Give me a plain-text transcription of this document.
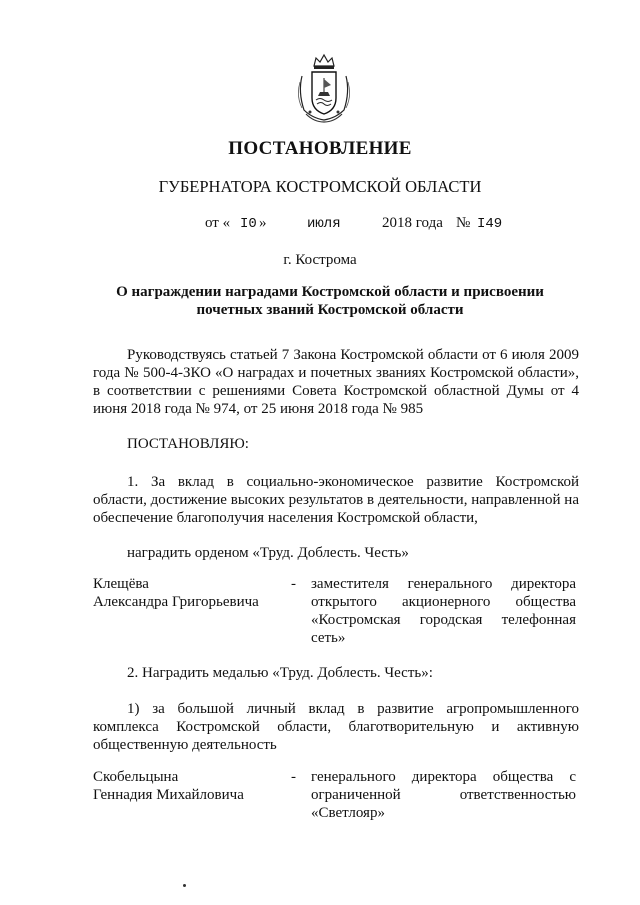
ПОСТАНОВЛЕНИЕ
ГУБЕРНАТОРА КОСТРОМСКОЙ ОБЛАСТИ
от « I0 »	июля	2018 года № I49
г. Кострома
О награждении наградами Костромской области и присвоении почетных званий Костромской области
Руководствуясь статьей 7 Закона Костромской области от 6 июля 2009 года № 500-4-ЗКО «О наградах и почетных званиях Костромской области», в соответствии с решениями Совета Костромской областной Думы от 4 июня 2018 года № 974, от 25 июня 2018 года № 985
ПОСТАНОВЛЯЮ:
1. За вклад в социально-экономическое развитие Костромской области, достижение высоких результатов в деятельности, направленной на обеспечение благополучия населения Костромской области,
наградить орденом «Труд. Доблесть. Честь»
Клещёва
Александра Григорьевича
- заместителя генерального директора открытого акционерного общества «Костромская городская телефонная сеть»
2. Наградить медалью «Труд. Доблесть. Честь»:
1) за большой личный вклад в развитие агропромышленного комплекса Костромской области, благотворительную и активную общественную деятельность
Скобельцына
Геннадия Михайловича
- генерального директора общества с ограниченной ответственностью «Светлояр»
